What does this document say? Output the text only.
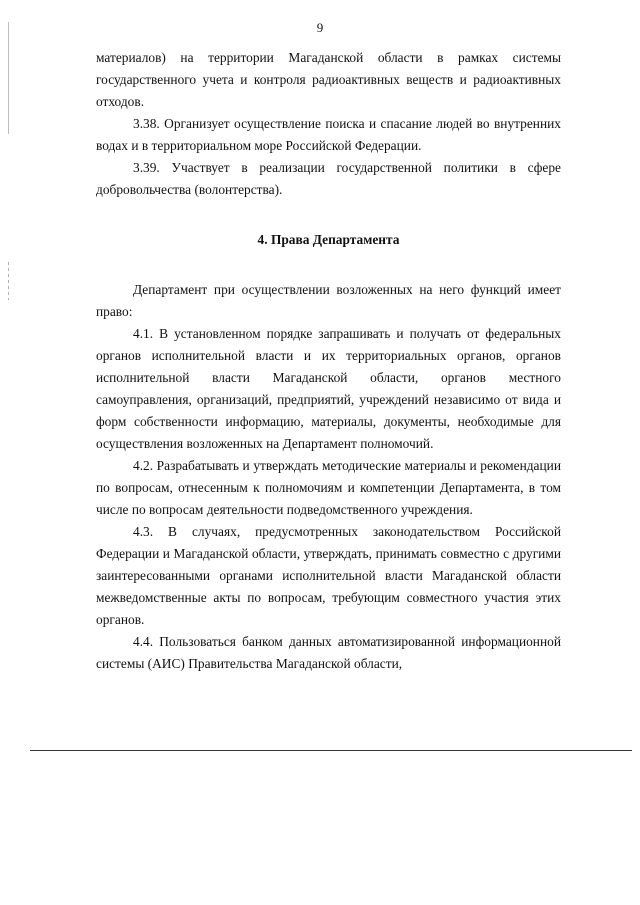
9

материалов) на территории Магаданской области в рамках системы государственного учета и контроля радиоактивных веществ и радиоактивных отходов.

3.38. Организует осуществление поиска и спасание людей во внутренних водах и в территориальном море Российской Федерации.

3.39. Участвует в реализации государственной политики в сфере добровольчества (волонтерства).

4. Права Департамента

Департамент при осуществлении возложенных на него функций имеет право:

4.1. В установленном порядке запрашивать и получать от федеральных органов исполнительной власти и их территориальных органов, органов исполнительной власти Магаданской области, органов местного самоуправления, организаций, предприятий, учреждений независимо от вида и форм собственности информацию, материалы, документы, необходимые для осуществления возложенных на Департамент полномочий.

4.2. Разрабатывать и утверждать методические материалы и рекомендации по вопросам, отнесенным к полномочиям и компетенции Департамента, в том числе по вопросам деятельности подведомственного учреждения.

4.3. В случаях, предусмотренных законодательством Российской Федерации и Магаданской области, утверждать, принимать совместно с другими заинтересованными органами исполнительной власти Магаданской области межведомственные акты по вопросам, требующим совместного участия этих органов.

4.4. Пользоваться банком данных автоматизированной информационной системы (АИС) Правительства Магаданской области,
